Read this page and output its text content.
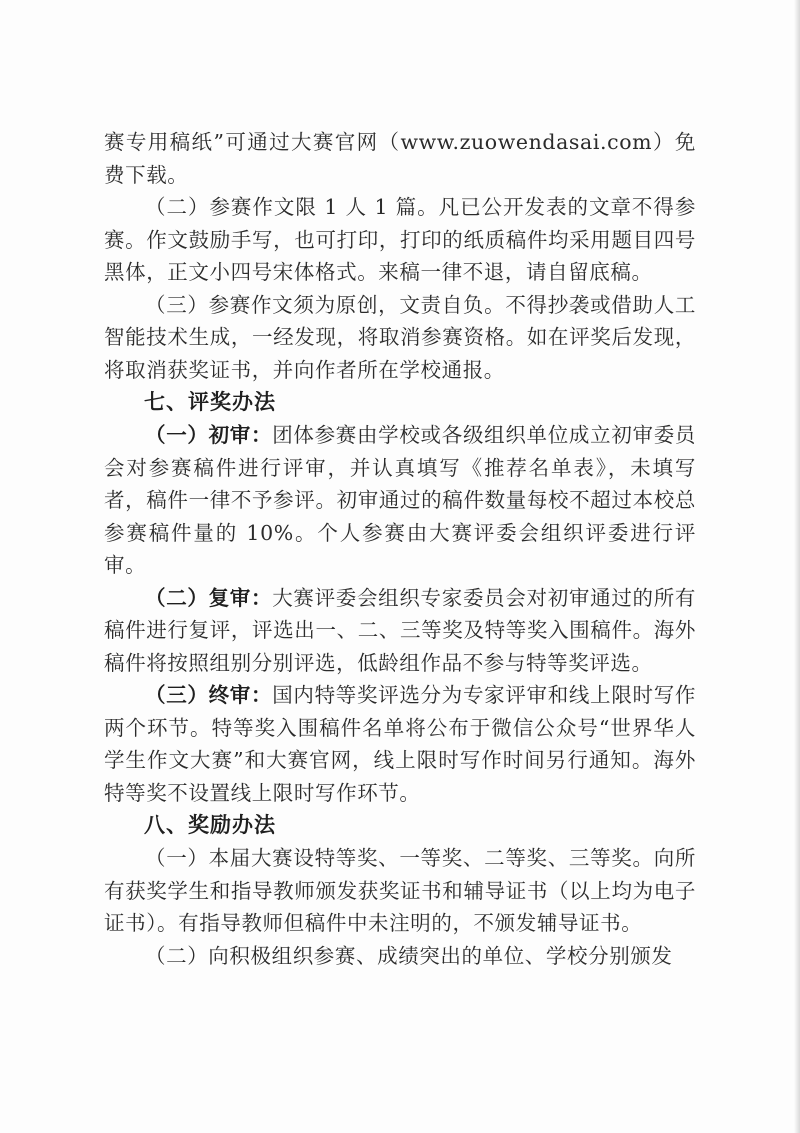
赛专用稿纸”可通过大赛官网（www.zuowendasai.com）免费下载。

（二）参赛作文限 1 人 1 篇。凡已公开发表的文章不得参赛。作文鼓励手写，也可打印，打印的纸质稿件均采用题目四号黑体，正文小四号宋体格式。来稿一律不退，请自留底稿。

（三）参赛作文须为原创，文责自负。不得抄袭或借助人工智能技术生成，一经发现，将取消参赛资格。如在评奖后发现，将取消获奖证书，并向作者所在学校通报。

七、评奖办法

（一）初审：团体参赛由学校或各级组织单位成立初审委员会对参赛稿件进行评审，并认真填写《推荐名单表》，未填写者，稿件一律不予参评。初审通过的稿件数量每校不超过本校总参赛稿件量的 10%。个人参赛由大赛评委会组织评委进行评审。

（二）复审：大赛评委会组织专家委员会对初审通过的所有稿件进行复评，评选出一、二、三等奖及特等奖入围稿件。海外稿件将按照组别分别评选，低龄组作品不参与特等奖评选。

（三）终审：国内特等奖评选分为专家评审和线上限时写作两个环节。特等奖入围稿件名单将公布于微信公众号“世界华人学生作文大赛”和大赛官网，线上限时写作时间另行通知。海外特等奖不设置线上限时写作环节。

八、奖励办法

（一）本届大赛设特等奖、一等奖、二等奖、三等奖。向所有获奖学生和指导教师颁发获奖证书和辅导证书（以上均为电子证书）。有指导教师但稿件中未注明的，不颁发辅导证书。

（二）向积极组织参赛、成绩突出的单位、学校分别颁发
